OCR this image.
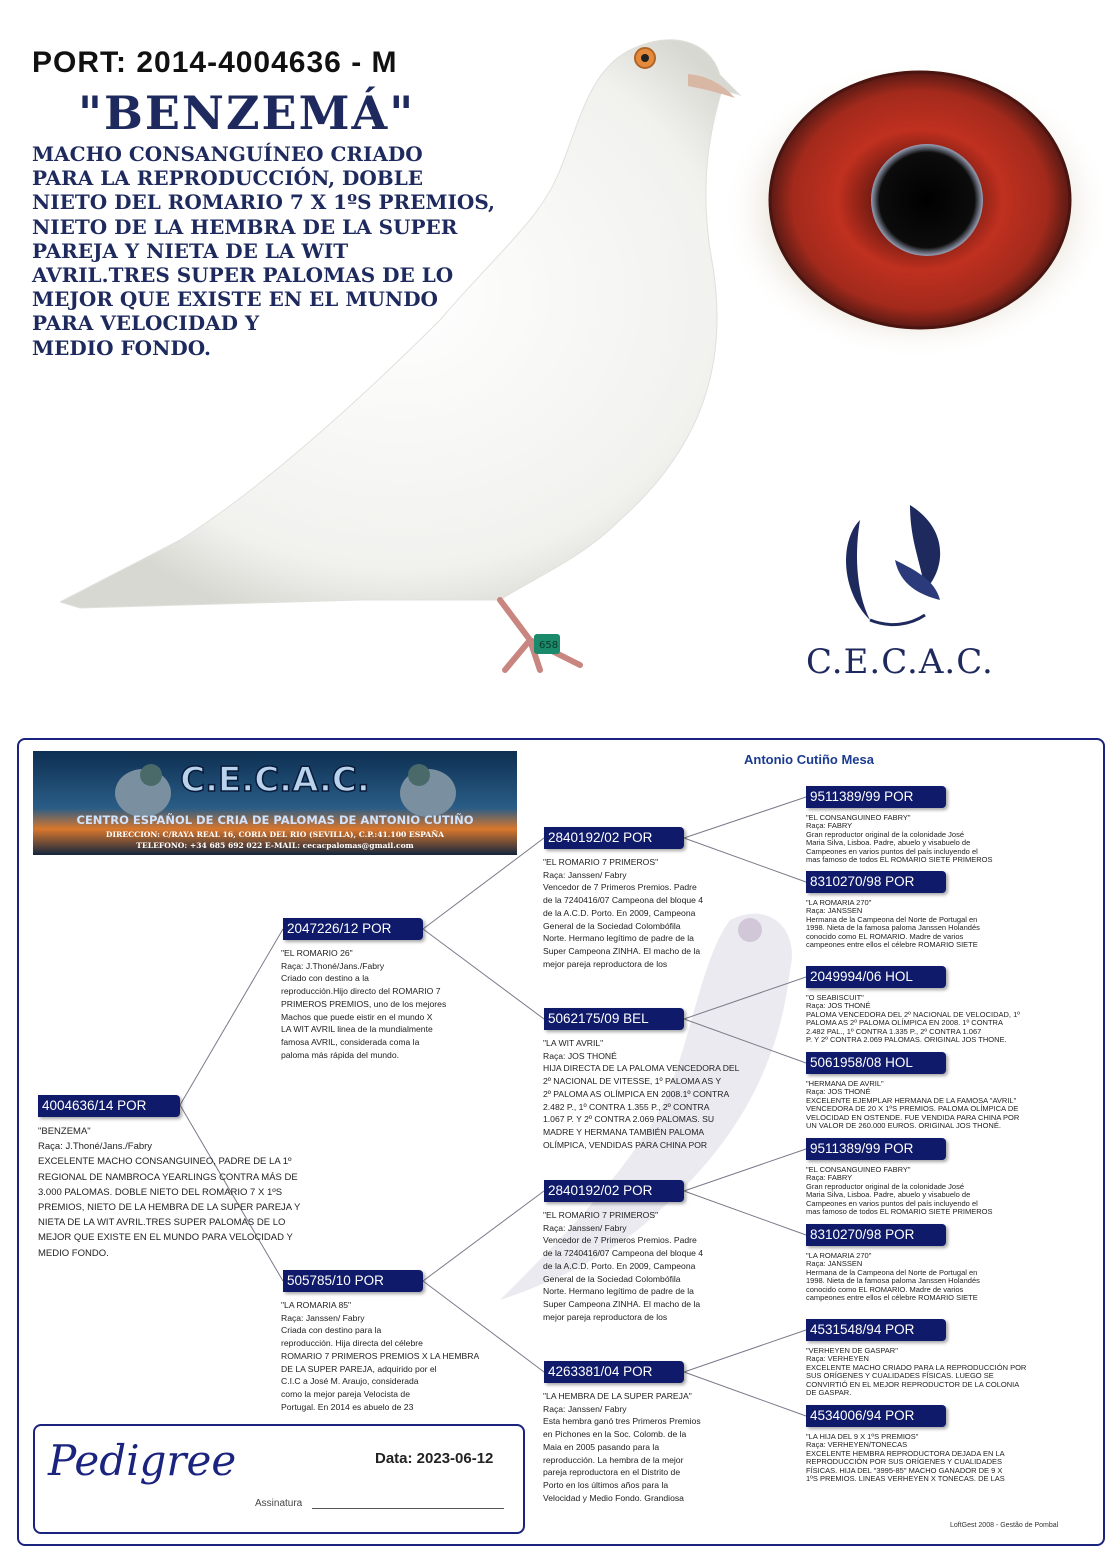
658
PORT: 2014-4004636 - M
"BENZEMÁ"
MACHO CONSANGUÍNEO CRIADO
PARA LA REPRODUCCIÓN, DOBLE
NIETO DEL ROMARIO 7 X 1ºS PREMIOS,
NIETO DE LA HEMBRA DE LA SUPER
PAREJA Y NIETA DE LA WIT
AVRIL.TRES SUPER PALOMAS DE LO
MEJOR QUE EXISTE EN EL MUNDO
PARA VELOCIDAD Y
MEDIO FONDO.
C.E.C.A.C.
C.E.C.A.C.
CENTRO ESPAÑOL DE CRIA DE PALOMAS DE ANTONIO CUTIÑO
DIRECCION: C/RAYA REAL 16, CORIA DEL RIO (SEVILLA), C.P.:41.100 ESPAÑA
TELEFONO: +34 685 692 022 E-MAIL: cecacpalomas@gmail.com
Antonio Cutiño Mesa
4004636/14 POR
"BENZEMA"
Raça: J.Thoné/Jans./Fabry
EXCELENTE MACHO CONSANGUINEO, PADRE DE LA 1º
REGIONAL DE NAMBROCA YEARLINGS CONTRA MÁS DE
3.000 PALOMAS. DOBLE NIETO DEL ROMARIO 7 X 1ºS
PREMIOS, NIETO DE LA HEMBRA DE LA SUPER PAREJA Y
NIETA DE LA WIT AVRIL.TRES SUPER PALOMAS DE LO
MEJOR QUE EXISTE EN EL MUNDO PARA VELOCIDAD Y
MEDIO FONDO.
2047226/12 POR
"EL ROMARIO 26"
Raça: J.Thoné/Jans./Fabry
Criado con destino a la
reproducción.Hijo directo del ROMARIO 7
PRIMEROS PREMIOS, uno de los mejores
Machos que puede eistir en el mundo X
LA WIT AVRIL linea de la mundialmente
famosa AVRIL, considerada coma la
paloma más rápida del mundo.
505785/10 POR
"LA ROMARIA 85"
Raça: Janssen/ Fabry
Criada con destino para la
reproducción. Hija directa del célebre
ROMARIO 7 PRIMEROS PREMIOS X LA HEMBRA
DE LA SUPER PAREJA, adquirido por el
C.I.C a José M. Araujo, considerada
como la mejor pareja Velocista de
Portugal. En 2014 es abuelo de 23
2840192/02 POR
"EL ROMARIO 7 PRIMEROS"
Raça: Janssen/ Fabry
Vencedor de 7 Primeros Premios. Padre
de la 7240416/07 Campeona del bloque 4
de la A.C.D. Porto. En 2009, Campeona
General de la Sociedad Colombófila
Norte. Hermano legítimo de padre de la
Super Campeona ZINHA. El macho de la
mejor pareja reproductora de los
5062175/09 BEL
"LA WIT AVRIL"
Raça: JOS THONÉ
HIJA DIRECTA DE LA PALOMA VENCEDORA DEL
2º NACIONAL DE VITESSE, 1º PALOMA AS Y
2º PALOMA AS OLÍMPICA EN 2008.1º CONTRA
2.482 P., 1º CONTRA 1.355 P., 2º CONTRA
1.067 P. Y 2º CONTRA 2.069 PALOMAS. SU
MADRE Y HERMANA TAMBIÉN PALOMA
OLÍMPICA, VENDIDAS PARA CHINA POR
2840192/02 POR
"EL ROMARIO 7 PRIMEROS"
Raça: Janssen/ Fabry
Vencedor de 7 Primeros Premios. Padre
de la 7240416/07 Campeona del bloque 4
de la A.C.D. Porto. En 2009, Campeona
General de la Sociedad Colombófila
Norte. Hermano legítimo de padre de la
Super Campeona ZINHA. El macho de la
mejor pareja reproductora de los
4263381/04 POR
"LA HEMBRA DE LA SUPER PAREJA"
Raça: Janssen/ Fabry
Esta hembra ganó tres Primeros Premios
en Pichones en la Soc. Colomb. de la
Maia en 2005 pasando para la
reproducción. La hembra de la mejor
pareja reproductora en el Distrito de
Porto en los últimos años para la
Velocidad y Medio Fondo. Grandiosa
9511389/99 POR
"EL CONSANGUINEO FABRY"
Raça: FABRY
Gran reproductor original de la colonidade José
Maria Silva, Lisboa. Padre, abuelo y visabuelo de
Campeones en varios puntos del país incluyendo el
mas famoso de todos EL ROMARIO SIETE PRIMEROS
8310270/98 POR
"LA ROMARIA 270"
Raça: JANSSEN
Hermana de la Campeona del Norte de Portugal en
1998. Nieta de la famosa paloma Janssen Holandés
conocido como EL ROMARIO. Madre de varios
campeones entre ellos el célebre ROMARIO SIETE
2049994/06 HOL
"O SEABISCUIT"
Raça: JOS THONÉ
PALOMA VENCEDORA DEL 2º NACIONAL DE VELOCIDAD, 1º
PALOMA AS 2º PALOMA OLÍMPICA EN 2008. 1º CONTRA
2.482 PAL., 1º CONTRA 1.335 P., 2º CONTRA 1.067
P. Y 2º CONTRA 2.069 PALOMAS. ORIGINAL JOS THONE.
5061958/08 HOL
"HERMANA DE AVRIL"
Raça: JOS THONÉ
EXCELENTE EJEMPLAR HERMANA DE LA FAMOSA "AVRIL"
VENCEDORA DE 20 X 1ºS PREMIOS. PALOMA OLÍMPICA DE
VELOCIDAD EN OSTENDE. FUE VENDIDA PARA CHINA POR
UN VALOR DE 260.000 EUROS. ORIGINAL JOS THONÉ.
9511389/99 POR
"EL CONSANGUINEO FABRY"
Raça: FABRY
Gran reproductor original de la colonidade José
Maria Silva, Lisboa. Padre, abuelo y visabuelo de
Campeones en varios puntos del país incluyendo el
mas famoso de todos EL ROMARIO SIETE PRIMEROS
8310270/98 POR
"LA ROMARIA 270"
Raça: JANSSEN
Hermana de la Campeona del Norte de Portugal en
1998. Nieta de la famosa paloma Janssen Holandés
conocido como EL ROMARIO. Madre de varios
campeones entre ellos el célebre ROMARIO SIETE
4531548/94 POR
"VERHEYEN DE GASPAR"
Raça: VERHEYEN
EXCELENTE MACHO CRIADO PARA LA REPRODUCCIÓN POR
SUS ORÍGENES Y CUALIDADES FÍSICAS. LUEGO SE
CONVIRTIÓ EN EL MEJOR REPRODUCTOR DE LA COLONIA
DE GASPAR.
4534006/94 POR
"LA HIJA DEL 9 X 1ºS PREMIOS"
Raça: VERHEYEN/TONECAS
EXCELENTE HEMBRA REPRODUCTORA DEJADA EN LA
REPRODUCCIÓN POR SUS ORÍGENES Y CUALIDADES
FÍSICAS. HIJA DEL "3995-85" MACHO GANADOR DE 9 X
1ºS PREMIOS. LINEAS VERHEYEN X TONECAS. DE LAS
Pedigree	Data: 2023-06-12
Assinatura
LoftGest 2008 - Gestão de Pombal
